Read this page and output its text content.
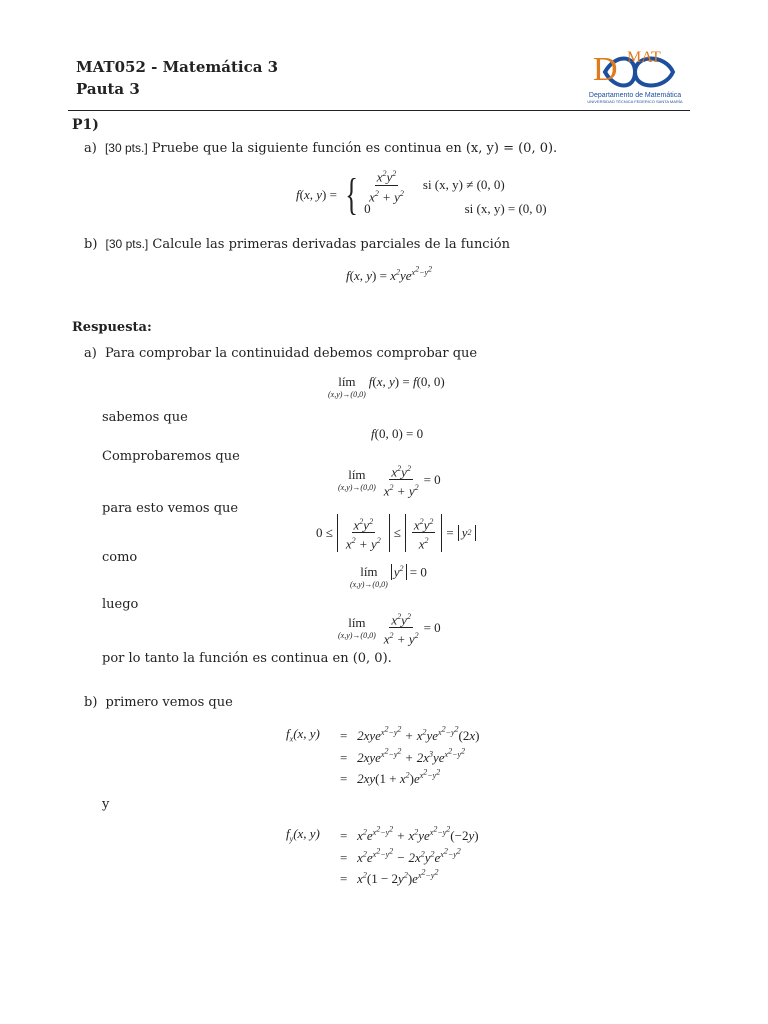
MAT052 - Matemática 3
Pauta 3
D MAT
Departamento de Matemática
UNIVERSIDAD TÉCNICA FEDERICO SANTA MARÍA
P1)
a) [30 pts.] Pruebe que la siguiente función es continua en (x, y) = (0, 0).
f ( x, y ) = { $\frac{x^2y^2}{x^2 + y^2}$ si (x, y) ≠ (0, 0)
0	si (x, y) = (0, 0)
b) [30 pts.] Calcule las primeras derivadas parciales de la función
f(x, $y) = x^2ye^{x^2-y^2}$
Respuesta:
a) Para comprobar la continuidad debemos comprobar que
lím
(x,y)→(0,0)
f(x, y) = f(0, 0)
sabemos que
f(0, 0) = 0
Comprobaremos que
lím
$(x,y)\to(0,0) \frac{x^2y^2}{x^2 + y^2} = 0$
para esto vemos que
$0 \le \frac{x^2y^2}{x^2 + y^2} \le \frac{x^2y^2}{x^2} = y$ 2
como
lím
(x,y)→(0,0)
$y^2 = 0$
luego
lím
$(x,y)\to(0,0) \frac{x^2y^2}{x^2 + y^2} = 0$
por lo tanto la función es continua en (0, 0).
b) primero vemos que
$f_x(x$, $y) = 2xye^{x^2-y^2} + x^2ye^{x^2-y^2}(2x)$
=   $2xye^{x^2-y^2} + 2x^3ye^{x^2-y^2}$
=   $2xy(1 + x^2)e^{x^2-y^2}$
y
$f_y(x$, $y) = x^2e^{x^2-y^2} + x^2ye^{x^2-y^2}(-2y)$
=   $x^2e^{x^2-y^2} - 2x^2y^2e^{x^2-y^2}$
=   $x^2(1 - 2y^2)e^{x^2-y^2}$
